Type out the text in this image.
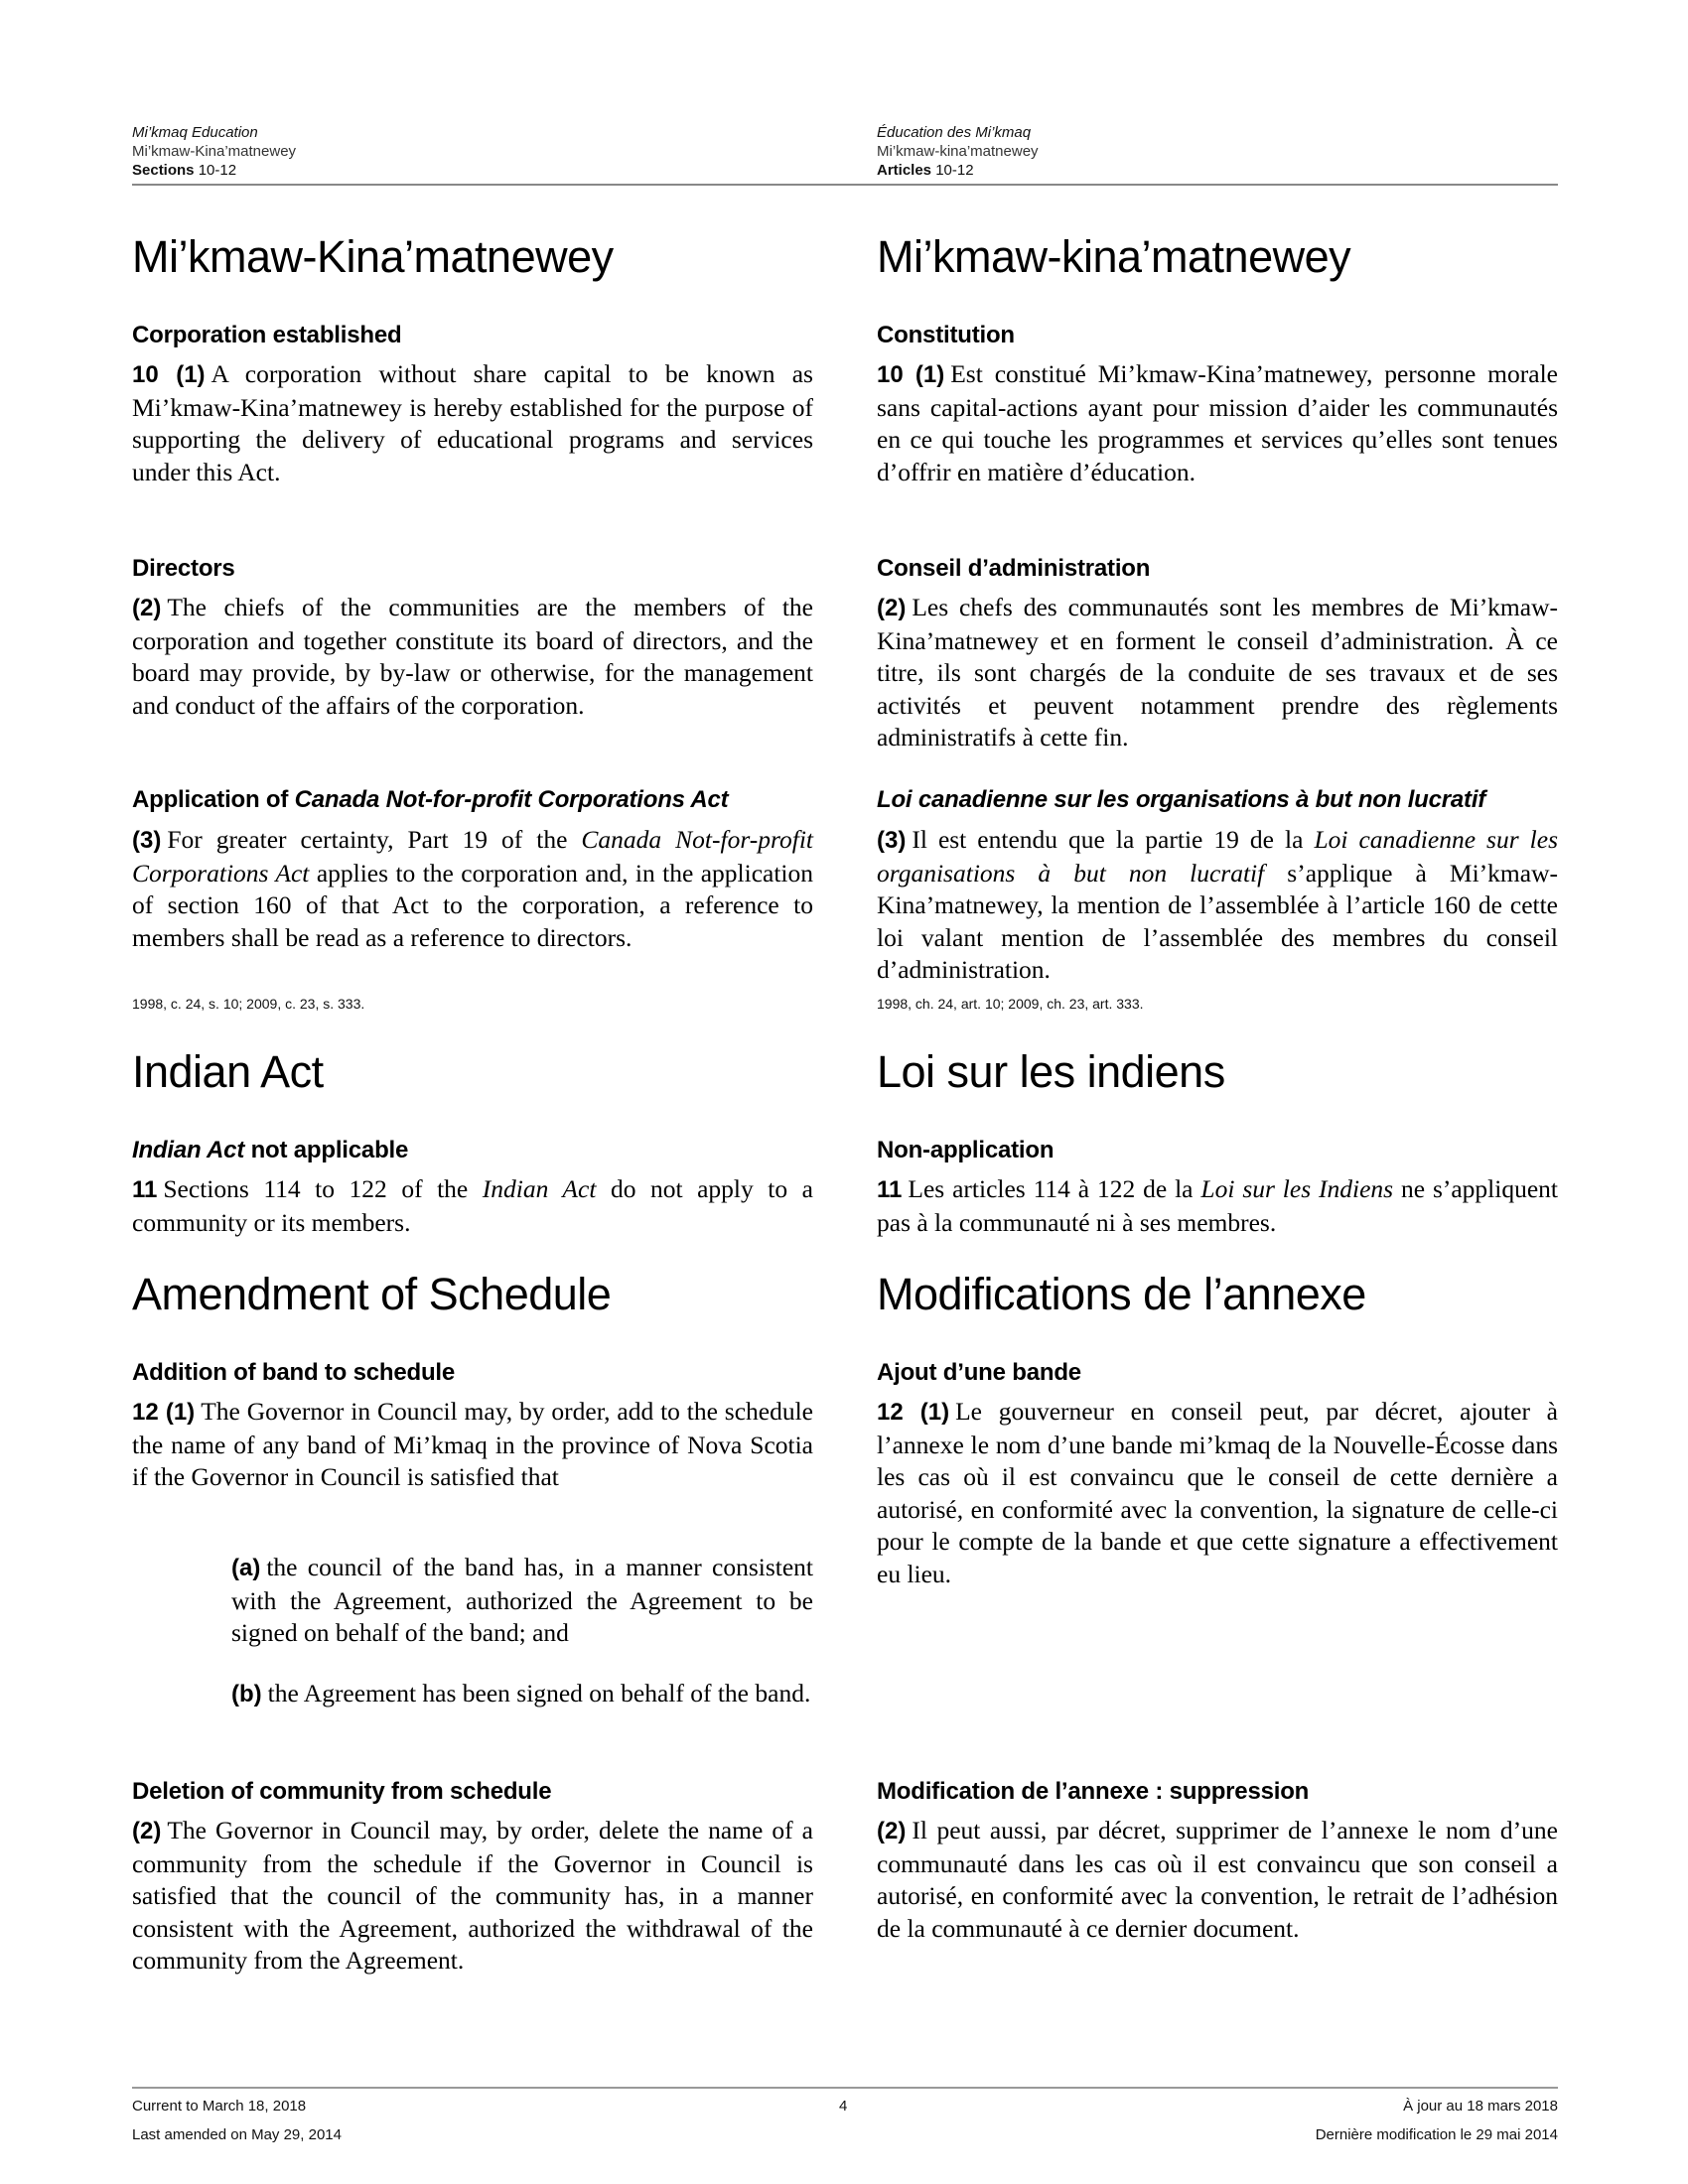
Mi’kmaq Education
Mi’kmaw-Kina’matnewey
Sections 10-12
Éducation des Mi’kmaq
Mi’kmaw-kina’matnewey
Articles 10-12
Mi’kmaw-Kina’matnewey
Corporation established
10 (1) A corporation without share capital to be known as Mi’kmaw-Kina’matnewey is hereby established for the purpose of supporting the delivery of educational programs and services under this Act.
Directors
(2) The chiefs of the communities are the members of the corporation and together constitute its board of directors, and the board may provide, by by-law or otherwise, for the management and conduct of the affairs of the corporation.
Application of Canada Not-for-profit Corporations Act
(3) For greater certainty, Part 19 of the Canada Not-for-profit Corporations Act applies to the corporation and, in the application of section 160 of that Act to the corporation, a reference to members shall be read as a reference to directors.
1998, c. 24, s. 10; 2009, c. 23, s. 333.
Indian Act
Indian Act not applicable
11 Sections 114 to 122 of the Indian Act do not apply to a community or its members.
Amendment of Schedule
Addition of band to schedule
12 (1) The Governor in Council may, by order, add to the schedule the name of any band of Mi’kmaq in the province of Nova Scotia if the Governor in Council is satisfied that
(a) the council of the band has, in a manner consistent with the Agreement, authorized the Agreement to be signed on behalf of the band; and
(b) the Agreement has been signed on behalf of the band.
Deletion of community from schedule
(2) The Governor in Council may, by order, delete the name of a community from the schedule if the Governor in Council is satisfied that the council of the community has, in a manner consistent with the Agreement, authorized the withdrawal of the community from the Agreement.
Mi’kmaw-kina’matnewey
Constitution
10 (1) Est constitué Mi’kmaw-Kina’matnewey, personne morale sans capital-actions ayant pour mission d’aider les communautés en ce qui touche les programmes et services qu’elles sont tenues d’offrir en matière d’éducation.
Conseil d’administration
(2) Les chefs des communautés sont les membres de Mi’kmaw-Kina’matnewey et en forment le conseil d’administration. À ce titre, ils sont chargés de la conduite de ses travaux et de ses activités et peuvent notamment prendre des règlements administratifs à cette fin.
Loi canadienne sur les organisations à but non lucratif
(3) Il est entendu que la partie 19 de la Loi canadienne sur les organisations à but non lucratif s’applique à Mi’kmaw-Kina’matnewey, la mention de l’assemblée à l’article 160 de cette loi valant mention de l’assemblée des membres du conseil d’administration.
1998, ch. 24, art. 10; 2009, ch. 23, art. 333.
Loi sur les indiens
Non-application
11 Les articles 114 à 122 de la Loi sur les Indiens ne s’appliquent pas à la communauté ni à ses membres.
Modifications de l’annexe
Ajout d’une bande
12 (1) Le gouverneur en conseil peut, par décret, ajouter à l’annexe le nom d’une bande mi’kmaq de la Nouvelle-Écosse dans les cas où il est convaincu que le conseil de cette dernière a autorisé, en conformité avec la convention, la signature de celle-ci pour le compte de la bande et que cette signature a effectivement eu lieu.
Modification de l’annexe : suppression
(2) Il peut aussi, par décret, supprimer de l’annexe le nom d’une communauté dans les cas où il est convaincu que son conseil a autorisé, en conformité avec la convention, le retrait de l’adhésion de la communauté à ce dernier document.
Current to March 18, 2018
Last amended on May 29, 2014
4	À jour au 18 mars 2018
Dernière modification le 29 mai 2014
